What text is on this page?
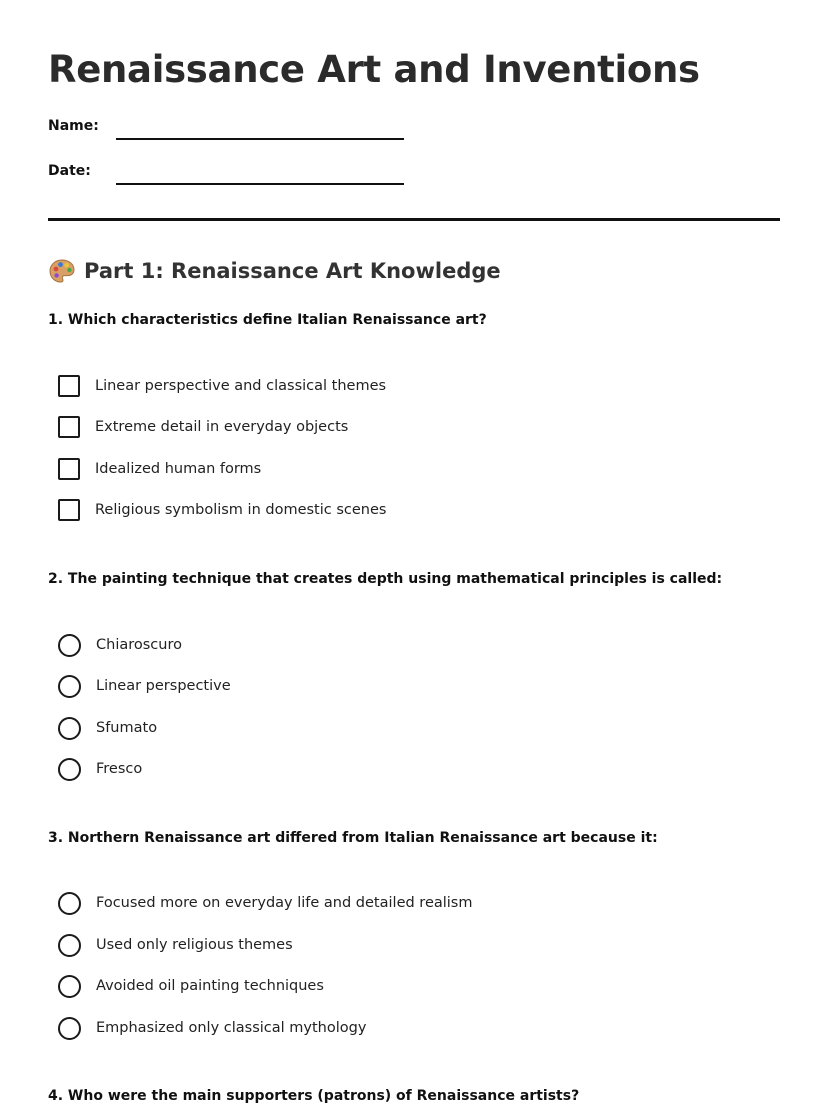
Renaissance Art and Inventions
Name:
Date:
Part 1: Renaissance Art Knowledge
1. Which characteristics define Italian Renaissance art?
Linear perspective and classical themes
Extreme detail in everyday objects
Idealized human forms
Religious symbolism in domestic scenes
2. The painting technique that creates depth using mathematical principles is called:
Chiaroscuro
Linear perspective
Sfumato
Fresco
3. Northern Renaissance art differed from Italian Renaissance art because it:
Focused more on everyday life and detailed realism
Used only religious themes
Avoided oil painting techniques
Emphasized only classical mythology
4. Who were the main supporters (patrons) of Renaissance artists?
